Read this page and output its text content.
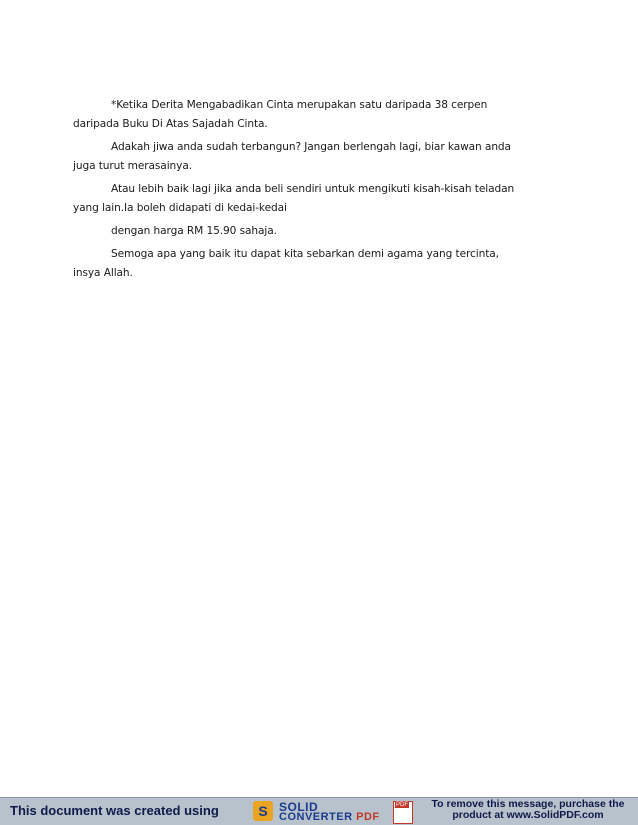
*Ketika Derita Mengabadikan Cinta merupakan satu daripada 38 cerpen
daripada Buku Di Atas Sajadah Cinta.

Adakah jiwa anda sudah terbangun? Jangan berlengah lagi, biar kawan anda
juga turut merasainya.

Atau lebih baik lagi jika anda beli sendiri untuk mengikuti kisah-kisah teladan
yang lain.Ia boleh didapati di kedai-kedai

dengan harga RM 15.90 sahaja.

Semoga apa yang baik itu dapat kita sebarkan demi agama yang tercinta,
insya Allah.

This document was created using	S SOLID
CONVERTER PDF
PDF	To remove this message, purchase the
product at www.SolidPDF.com
